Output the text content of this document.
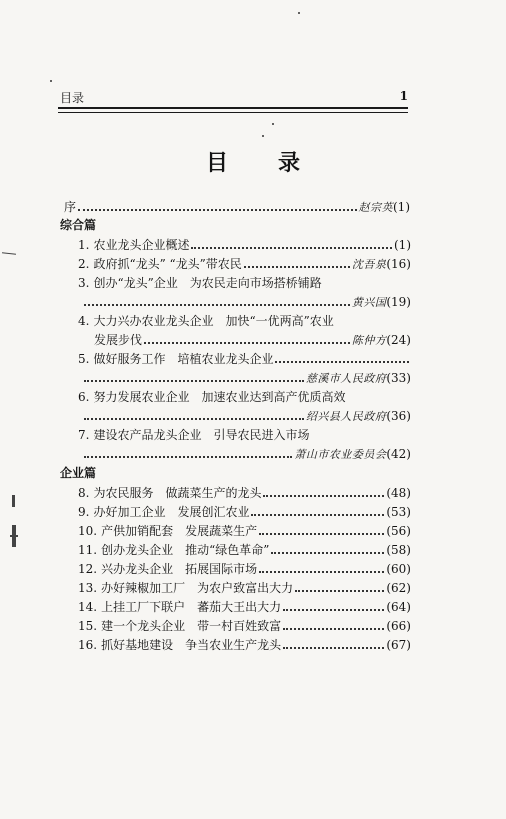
目录	1
目 录
序	赵宗英 (1)
综合篇
1. 农业龙头企业概述	(1)
2. 政府抓“龙头” “龙头”带农民	沈吾泉 (16)
3. 创办“龙头”企业　为农民走向市场搭桥铺路
黄兴国 (19)
4. 大力兴办农业龙头企业　加快“一优两高”农业
发展步伐	陈仲方 (24)
5. 做好服务工作　培植农业龙头企业
慈溪市人民政府 (33)
6. 努力发展农业企业　加速农业达到高产优质高效
绍兴县人民政府 (36)
7. 建设农产品龙头企业　引导农民进入市场
萧山市农业委员会 (42)
企业篇
8. 为农民服务　做蔬菜生产的龙头	(48)
9. 办好加工企业　发展创汇农业	(53)
10. 产供加销配套　发展蔬菜生产	(56)
11. 创办龙头企业　推动“绿色革命”	(58)
12. 兴办龙头企业　拓展国际市场	(60)
13. 办好辣椒加工厂　为农户致富出大力	(62)
14. 上挂工厂下联户　蕃茄大王出大力	(64)
15. 建一个龙头企业　带一村百姓致富	(66)
16. 抓好基地建设　争当农业生产龙头	(67)
